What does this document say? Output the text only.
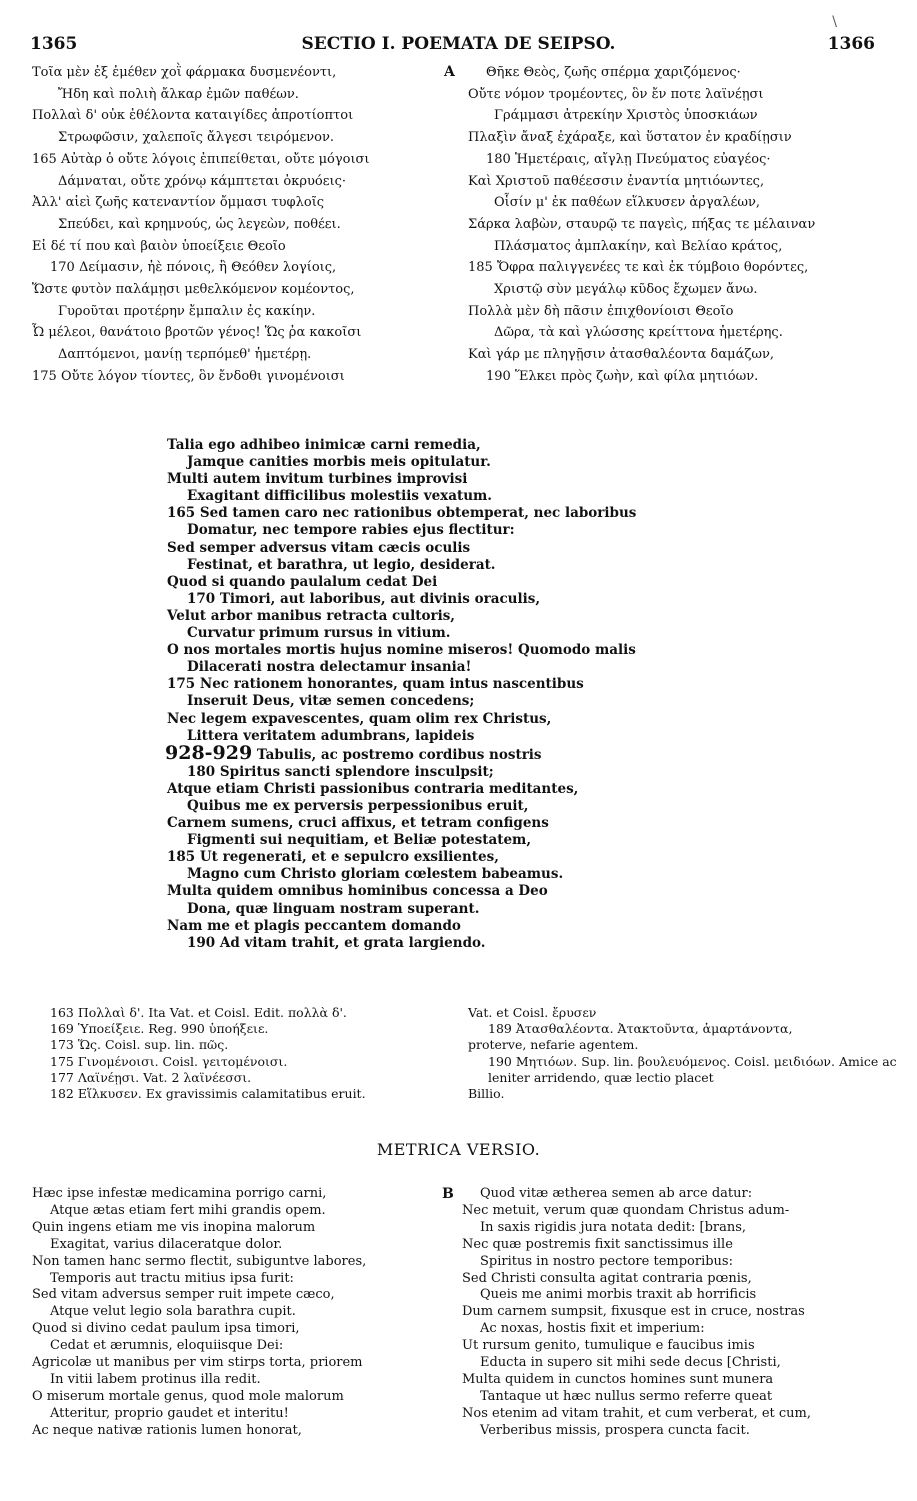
\
1365	SECTIO I. POEMATA DE SEIPSO.	1366
A
B
Τοῖα μὲν ἐξ ἐμέθεν χοῒ φάρμακα δυσμενέοντι,
Ἤδη καὶ πολιὴ ἄλκαρ ἐμῶν παθέων.
Πολλαὶ δ' οὐκ ἐθέλοντα καταιγίδες ἀπροτίοπτοι
Στρωφῶσιν, χαλεποῖς ἄλγεσι τειρόμενον.
165 Αὐτὰρ ὁ οὔτε λόγοις ἐπιπείθεται, οὔτε μόγοισι
Δάμναται, οὔτε χρόνῳ κάμπτεται ὀκρυόεις·
Ἀλλ' αἰεὶ ζωῆς κατεναντίον ὄμμασι τυφλοῖς
Σπεύδει, καὶ κρημνούς, ὡς λεγεὼν, ποθέει.
Εἰ δέ τί που καὶ βαιὸν ὑποείξειε Θεοῖο
170 Δείμασιν, ἠὲ πόνοις, ἢ Θεόθεν λογίοις,
Ὥστε φυτὸν παλάμῃσι μεθελκόμενον κομέοντος,
Γυροῦται προτέρην ἔμπαλιν ἐς κακίην.
Ὦ μέλεοι, θανάτοιο βροτῶν γένος! Ὥς ῥα κακοῖσι
Δαπτόμενοι, μανίῃ τερπόμεθ' ἡμετέρῃ.
175 Οὔτε λόγον τίοντες, ὃν ἔνδοθι γινομένοισι
Θῆκε Θεὸς, ζωῆς σπέρμα χαριζόμενος·
Οὔτε νόμον τρομέοντες, ὃν ἔν ποτε λαϊνέῃσι
Γράμμασι ἀτρεκίην Χριστὸς ὑποσκιάων
Πλαξὶν ἄναξ ἐχάραξε, καὶ ὕστατον ἐν κραδίῃσιν
180 Ἡμετέραις, αἴγλῃ Πνεύματος εὐαγέος·
Καὶ Χριστοῦ παθέεσσιν ἐναντία μητιόωντες,
Οἷσίν μ' ἐκ παθέων εἵλκυσεν ἀργαλέων,
Σάρκα λαβὼν, σταυρῷ τε παγεὶς, πήξας τε μέλαιναν
Πλάσματος ἀμπλακίην, καὶ Βελίαο κράτος,
185 Ὄφρα παλιγγενέες τε καὶ ἐκ τύμβοιο θορόντες,
Χριστῷ σὺν μεγάλῳ κῦδος ἔχωμεν ἄνω.
Πολλὰ μὲν δὴ πᾶσιν ἐπιχθονίοισι Θεοῖο
Δῶρα, τὰ καὶ γλώσσης κρείττονα ἡμετέρης.
Καὶ γάρ με πληγῇσιν ἀτασθαλέοντα δαμάζων,
190 Ἕλκει πρὸς ζωὴν, καὶ φίλα μητιόων.
Talia ego adhibeo inimicæ carni remedia,
Jamque canities morbis meis opitulatur.
Multi autem invitum turbines improvisi
Exagitant difficilibus molestiis vexatum.
165 Sed tamen caro nec rationibus obtemperat, nec laboribus
Domatur, nec tempore rabies ejus flectitur:
Sed semper adversus vitam cæcis oculis
Festinat, et barathra, ut legio, desiderat.
Quod si quando paulalum cedat Dei
170 Timori, aut laboribus, aut divinis oraculis,
Velut arbor manibus retracta cultoris,
Curvatur primum rursus in vitium.
O nos mortales mortis hujus nomine miseros! Quomodo malis
Dilacerati nostra delectamur insania!
175 Nec rationem honorantes, quam intus nascentibus
Inseruit Deus, vitæ semen concedens;
Nec legem expavescentes, quam olim rex Christus,
Littera veritatem adumbrans, lapideis
928-929 Tabulis, ac postremo cordibus nostris
180 Spiritus sancti splendore insculpsit;
Atque etiam Christi passionibus contraria meditantes,
Quibus me ex perversis perpessionibus eruit,
Carnem sumens, cruci affixus, et tetram configens
Figmenti sui nequitiam, et Beliæ potestatem,
185 Ut regenerati, et e sepulcro exsilientes,
Magno cum Christo gloriam cœlestem babeamus.
Multa quidem omnibus hominibus concessa a Deo
Dona, quæ linguam nostram superant.
Nam me et plagis peccantem domando
190 Ad vitam trahit, et grata largiendo.
163 Πολλαὶ δ'. Ita Vat. et Coisl. Edit. πολλὰ δ'.
169 Ὑποείξειε. Reg. 990 ὑποήξειε.
173 Ὥς. Coisl. sup. lin. πῶς.
175 Γινομένοισι. Coisl. γειτομένοισι.
177 Λαϊνέῃσι. Vat. 2 λαϊνέεσσι.
182 Εἵλκυσεν. Ex gravissimis calamitatibus eruit.
Vat. et Coisl. ἔρυσεν
189 Ἀτασθαλέοντα. Ἀτακτοῦντα, ἁμαρτάνοντα,
proterve, nefarie agentem.
190 Μητιόων. Sup. lin. βουλευόμενος. Coisl. μειδιόων. Amice ac leniter arridendo, quæ lectio placet
Billio.
METRICA VERSIO.
Hæc ipse infestæ medicamina porrigo carni,
Atque ætas etiam fert mihi grandis opem.
Quin ingens etiam me vis inopina malorum
Exagitat, varius dilaceratque dolor.
Non tamen hanc sermo flectit, subiguntve labores,
Temporis aut tractu mitius ipsa furit:
Sed vitam adversus semper ruit impete cæco,
Atque velut legio sola barathra cupit.
Quod si divino cedat paulum ipsa timori,
Cedat et ærumnis, eloquiisque Dei:
Agricolæ ut manibus per vim stirps torta, priorem
In vitii labem protinus illa redit.
O miserum mortale genus, quod mole malorum
Atteritur, proprio gaudet et interitu!
Ac neque nativæ rationis lumen honorat,
Quod vitæ ætherea semen ab arce datur:
Nec metuit, verum quæ quondam Christus adum-
In saxis rigidis jura notata dedit: [brans,
Nec quæ postremis fixit sanctissimus ille
Spiritus in nostro pectore temporibus:
Sed Christi consulta agitat contraria pœnis,
Queis me animi morbis traxit ab horrificis
Dum carnem sumpsit, fixusque est in cruce, nostras
Ac noxas, hostis fixit et imperium:
Ut rursum genito, tumulique e faucibus imis
Educta in supero sit mihi sede decus [Christi,
Multa quidem in cunctos homines sunt munera
Tantaque ut hæc nullus sermo referre queat
Nos etenim ad vitam trahit, et cum verberat, et cum,
Verberibus missis, prospera cuncta facit.
